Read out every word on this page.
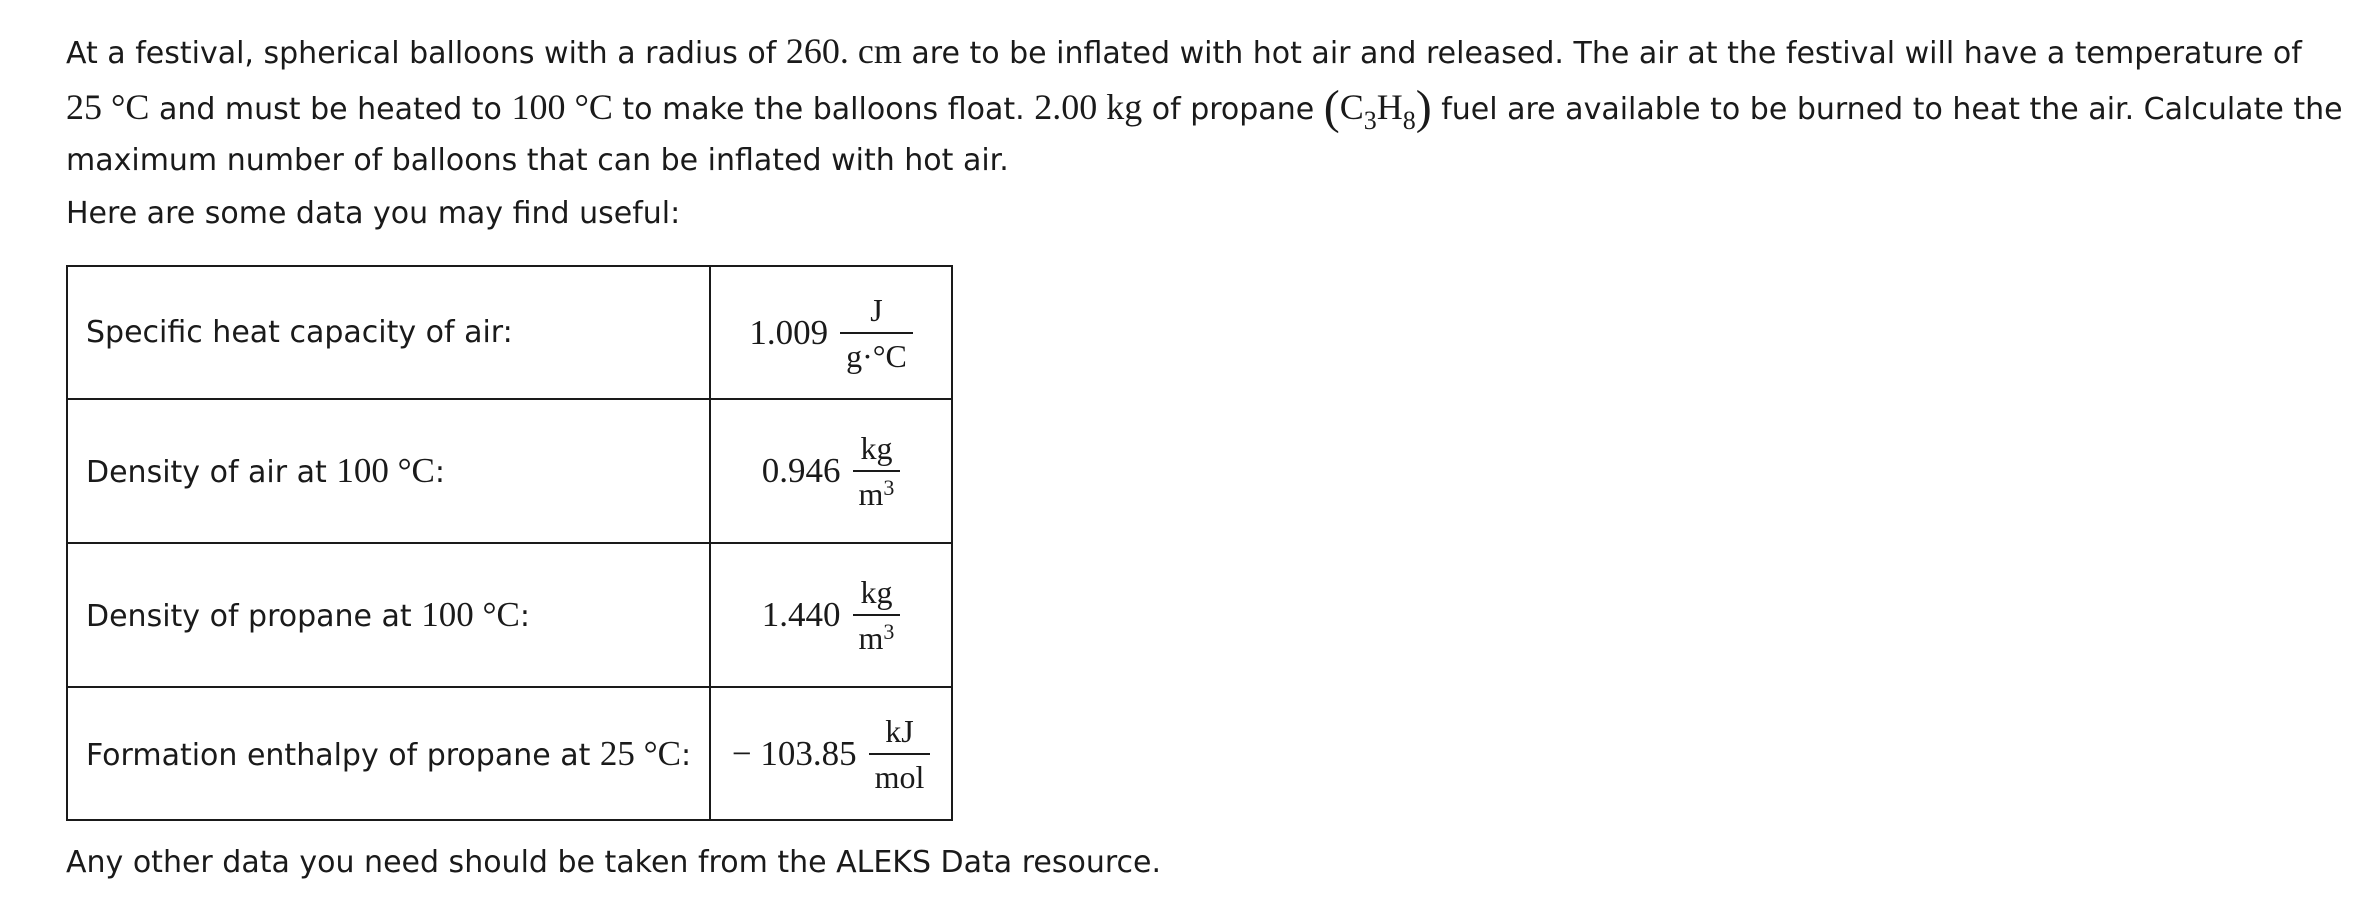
At a festival, spherical balloons with a radius of 260. cm are to be inflated with hot air and released. The air at the festival will have a temperature of 25 °C and must be heated to 100 °C to make the balloons float. 2.00 kg of propane (C3H8) fuel are available to be burned to heat the air. Calculate the maximum number of balloons that can be inflated with hot air.
Here are some data you may find useful:
Specific heat capacity of air:	$1.009 \frac{J}{g\cdot^\circ C}$

Density of air at 100 °C:	$0.946 \frac{kg}{m^3}$

Density of propane at 100 °C:	$1.440 \frac{kg}{m^3}$

Formation enthalpy of propane at 25 °C:	− $103.85 \frac{kJ}{\text{mol}}$
Any other data you need should be taken from the ALEKS Data resource.
